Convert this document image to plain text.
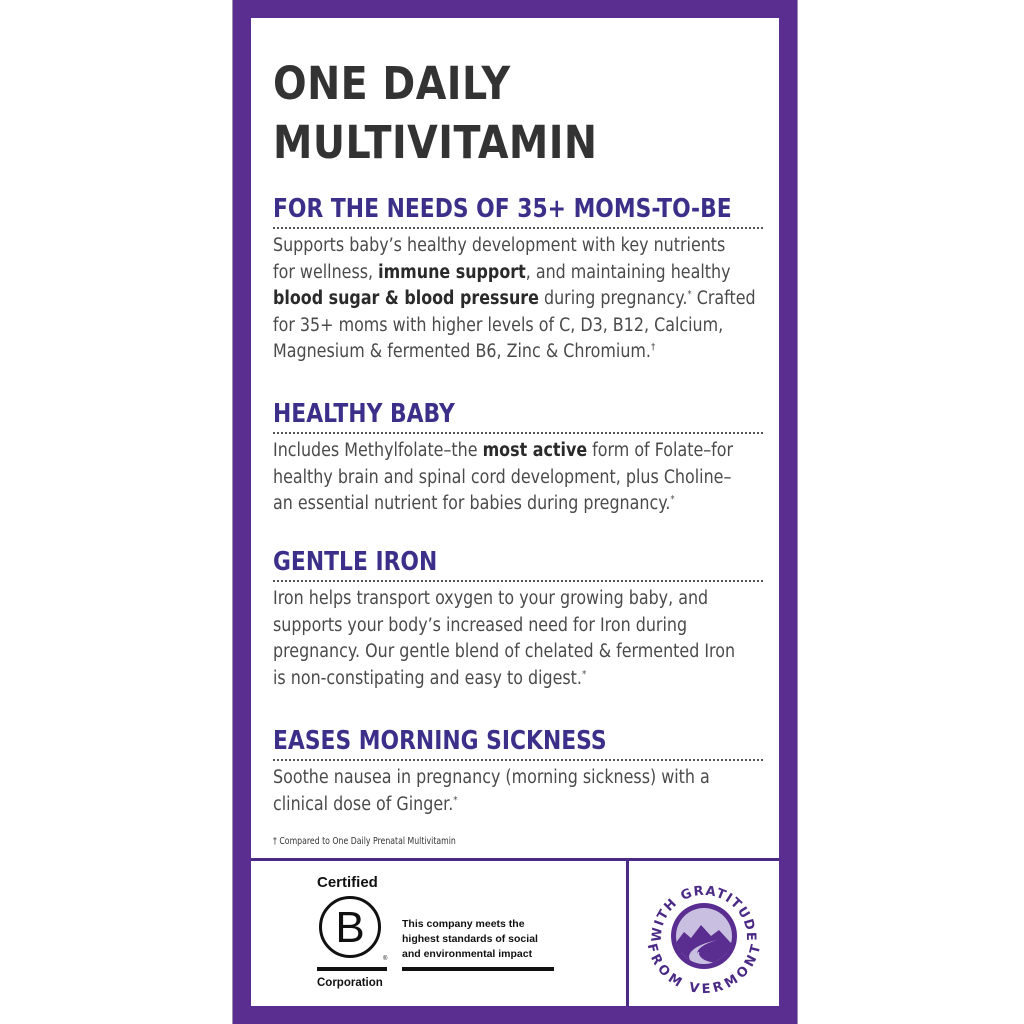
ONE DAILY
MULTIVITAMIN
FOR THE NEEDS OF 35+ MOMS-TO-BE
Supports baby’s healthy development with key nutrients
for wellness, immune support, and maintaining healthy
blood sugar & blood pressure during pregnancy.* Crafted
for 35+ moms with higher levels of C, D3, B12, Calcium,
Magnesium & fermented B6, Zinc & Chromium.†
HEALTHY BABY
Includes Methylfolate–the most active form of Folate–for
healthy brain and spinal cord development, plus Choline–
an essential nutrient for babies during pregnancy.*
GENTLE IRON
Iron helps transport oxygen to your growing baby, and
supports your body’s increased need for Iron during
pregnancy. Our gentle blend of chelated & fermented Iron
is non-constipating and easy to digest.*
EASES MORNING SICKNESS
Soothe nausea in pregnancy (morning sickness) with a
clinical dose of Ginger.*
† Compared to One Daily Prenatal Multivitamin
Certified
B
®
Corporation
This company meets the
highest standards of social
and environmental impact
WITH GRATITUDE
FROM VERMONT
